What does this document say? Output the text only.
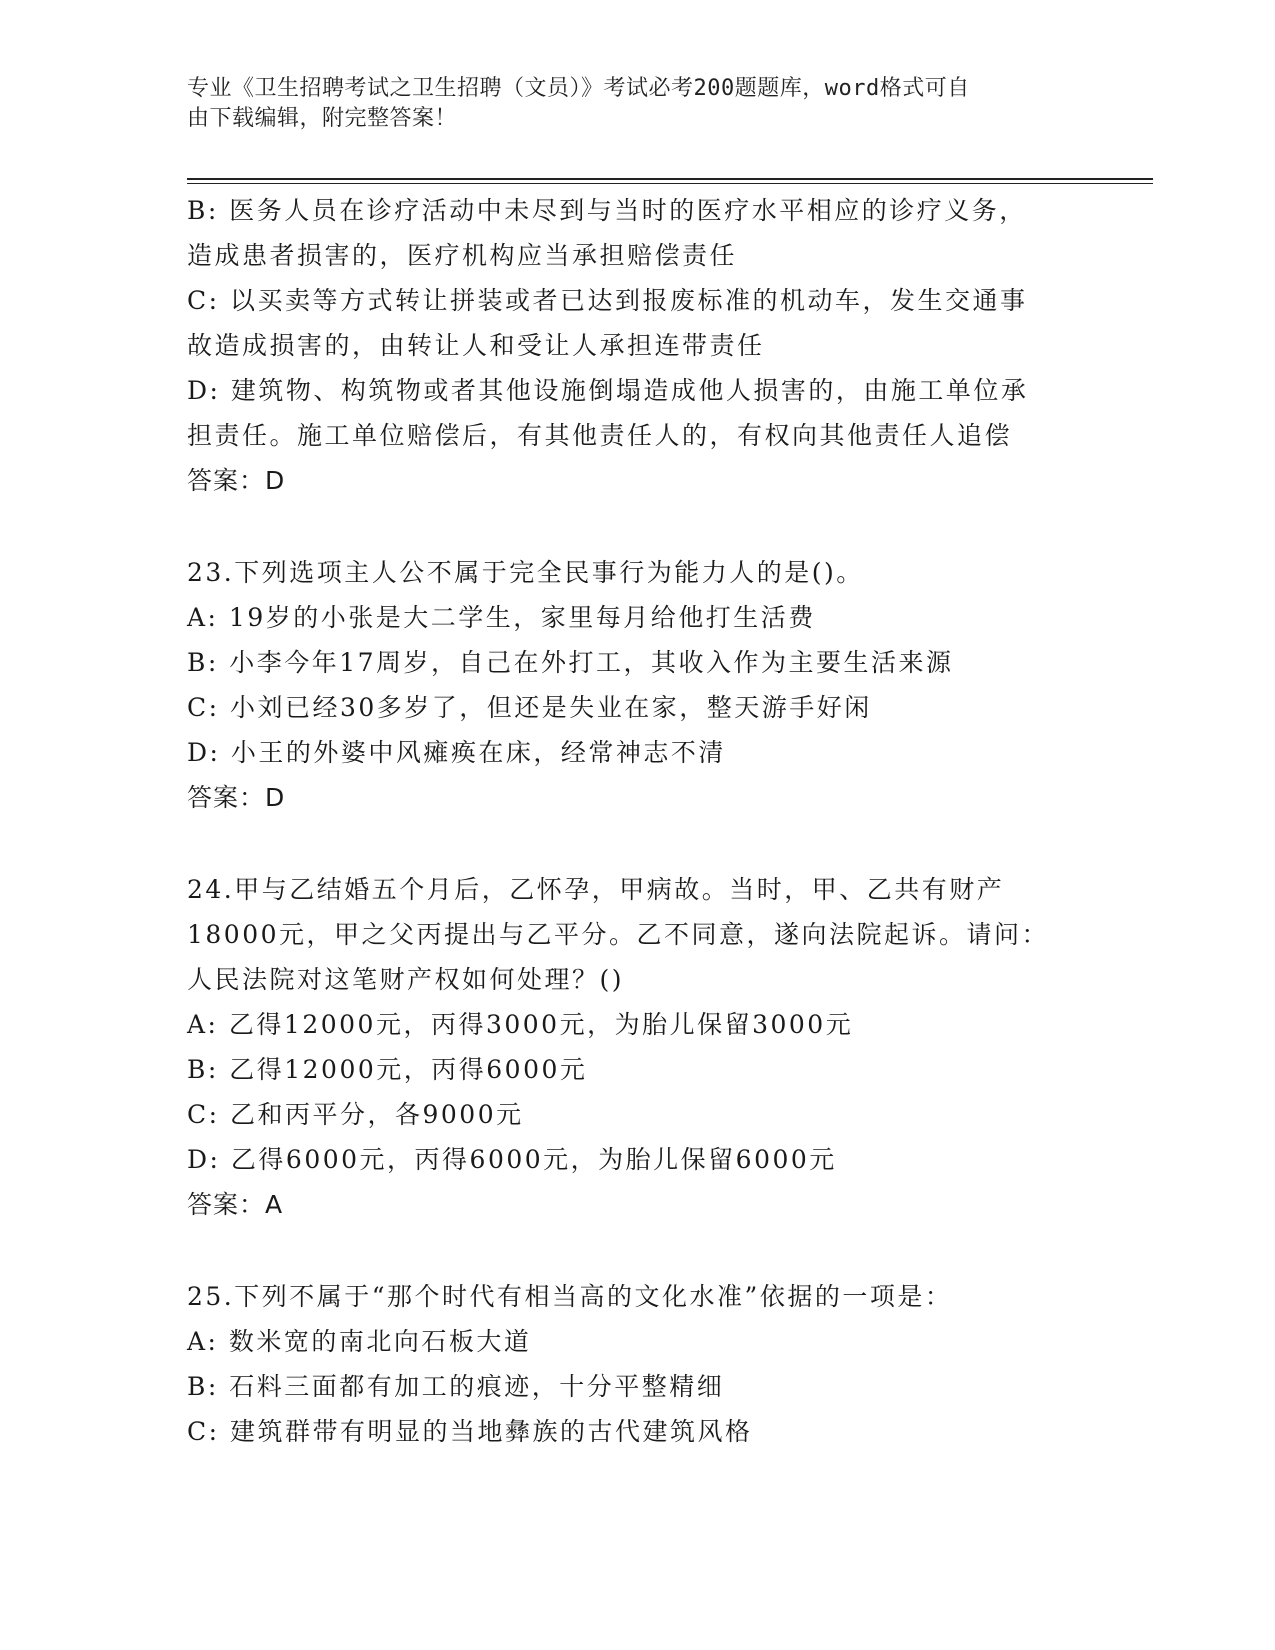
专业《卫生招聘考试之卫生招聘（文员）》考试必考200题题库，word格式可自
由下载编辑，附完整答案！
B: 医务人员在诊疗活动中未尽到与当时的医疗水平相应的诊疗义务，
造成患者损害的，医疗机构应当承担赔偿责任
C: 以买卖等方式转让拼装或者已达到报废标准的机动车，发生交通事
故造成损害的，由转让人和受让人承担连带责任
D: 建筑物、构筑物或者其他设施倒塌造成他人损害的，由施工单位承
担责任。施工单位赔偿后，有其他责任人的，有权向其他责任人追偿
答案：D
23.下列选项主人公不属于完全民事行为能力人的是()。
A: 19岁的小张是大二学生，家里每月给他打生活费
B: 小李今年17周岁，自己在外打工，其收入作为主要生活来源
C: 小刘已经30多岁了，但还是失业在家，整天游手好闲
D: 小王的外婆中风瘫痪在床，经常神志不清
答案：D
24.甲与乙结婚五个月后，乙怀孕，甲病故。当时，甲、乙共有财产
18000元，甲之父丙提出与乙平分。乙不同意，遂向法院起诉。请问：
人民法院对这笔财产权如何处理？()
A: 乙得12000元，丙得3000元，为胎儿保留3000元
B: 乙得12000元，丙得6000元
C: 乙和丙平分，各9000元
D: 乙得6000元，丙得6000元，为胎儿保留6000元
答案：A
25.下列不属于“那个时代有相当高的文化水准”依据的一项是：
A: 数米宽的南北向石板大道
B: 石料三面都有加工的痕迹，十分平整精细
C: 建筑群带有明显的当地彝族的古代建筑风格
